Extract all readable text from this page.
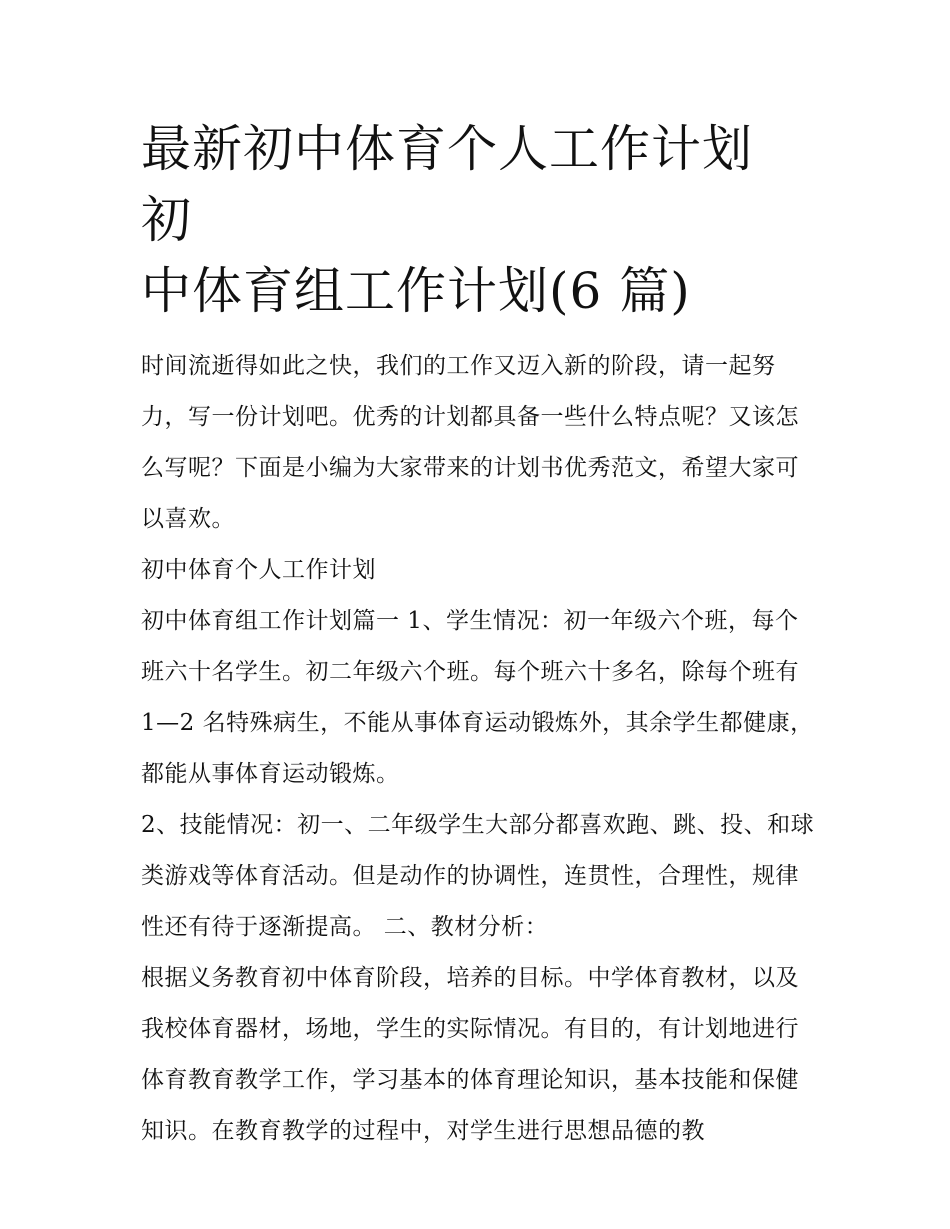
最新初中体育个人工作计划 初
中体育组工作计划(6 篇)

时间流逝得如此之快，我们的工作又迈入新的阶段，请一起努力，写一份计划吧。优秀的计划都具备一些什么特点呢？又该怎么写呢？下面是小编为大家带来的计划书优秀范文，希望大家可以喜欢。

初中体育个人工作计划

初中体育组工作计划篇一 1、学生情况：初一年级六个班，每个班六十名学生。初二年级六个班。每个班六十多名，除每个班有 1—2 名特殊病生，不能从事体育运动锻炼外，其余学生都健康，都能从事体育运动锻炼。

2、技能情况：初一、二年级学生大部分都喜欢跑、跳、投、和球类游戏等体育活动。但是动作的协调性，连贯性，合理性，规律性还有待于逐渐提高。 二、教材分析：

根据义务教育初中体育阶段，培养的目标。中学体育教材，以及我校体育器材，场地，学生的实际情况。有目的，有计划地进行体育教育教学工作，学习基本的体育理论知识，基本技能和保健知识。在教育教学的过程中，对学生进行思想品德的教
